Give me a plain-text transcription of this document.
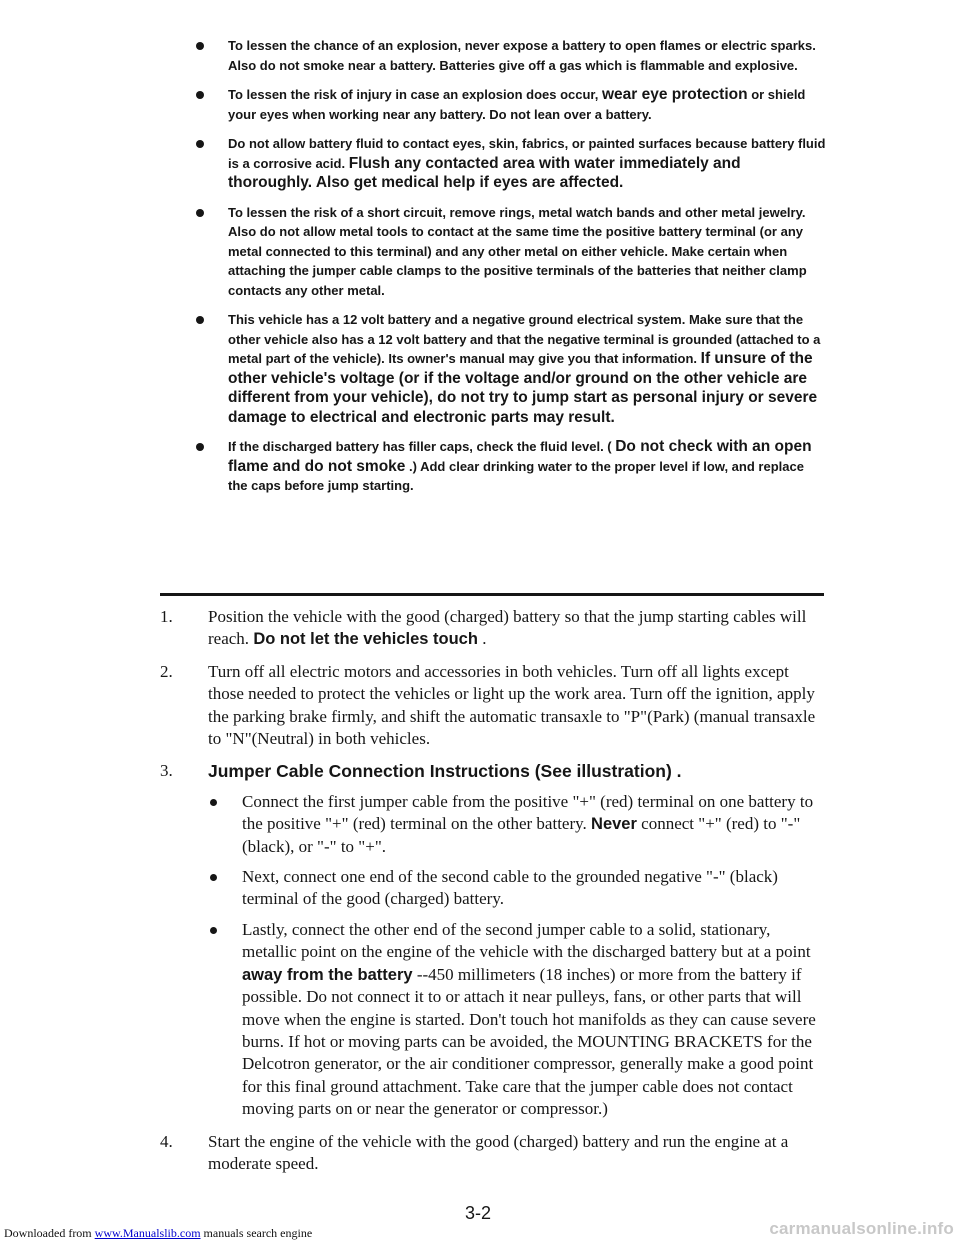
To lessen the chance of an explosion, never expose a battery to open flames or electric sparks. Also do not smoke near a battery. Batteries give off a gas which is flammable and explosive.
To lessen the risk of injury in case an explosion does occur, wear eye protection or shield your eyes when working near any battery. Do not lean over a battery.
Do not allow battery fluid to contact eyes, skin, fabrics, or painted surfaces because battery fluid is a corrosive acid. Flush any contacted area with water immediately and thoroughly. Also get medical help if eyes are affected.
To lessen the risk of a short circuit, remove rings, metal watch bands and other metal jewelry. Also do not allow metal tools to contact at the same time the positive battery terminal (or any metal connected to this terminal) and any other metal on either vehicle. Make certain when attaching the jumper cable clamps to the positive terminals of the batteries that neither clamp contacts any other metal.
This vehicle has a 12 volt battery and a negative ground electrical system. Make sure that the other vehicle also has a 12 volt battery and that the negative terminal is grounded (attached to a metal part of the vehicle). Its owner's manual may give you that information. If unsure of the other vehicle's voltage (or if the voltage and/or ground on the other vehicle are different from your vehicle), do not try to jump start as personal injury or severe damage to electrical and electronic parts may result.
If the discharged battery has filler caps, check the fluid level. ( Do not check with an open flame and do not smoke .) Add clear drinking water to the proper level if low, and replace the caps before jump starting.
1. Position the vehicle with the good (charged) battery so that the jump starting cables will reach. Do not let the vehicles touch .
2. Turn off all electric motors and accessories in both vehicles. Turn off all lights except those needed to protect the vehicles or light up the work area. Turn off the ignition, apply the parking brake firmly, and shift the automatic transaxle to "P"(Park) (manual transaxle to "N"(Neutral) in both vehicles.
3. Jumper Cable Connection Instructions (See illustration) .
Connect the first jumper cable from the positive "+" (red) terminal on one battery to the positive "+" (red) terminal on the other battery. Never connect "+" (red) to "-" (black), or "-" to "+".
Next, connect one end of the second cable to the grounded negative "-" (black) terminal of the good (charged) battery.
Lastly, connect the other end of the second jumper cable to a solid, stationary, metallic point on the engine of the vehicle with the discharged battery but at a point away from the battery --450 millimeters (18 inches) or more from the battery if possible. Do not connect it to or attach it near pulleys, fans, or other parts that will move when the engine is started. Don't touch hot manifolds as they can cause severe burns. If hot or moving parts can be avoided, the MOUNTING BRACKETS for the Delcotron generator, or the air conditioner compressor, generally make a good point for this final ground attachment. Take care that the jumper cable does not contact moving parts on or near the generator or compressor.)
4. Start the engine of the vehicle with the good (charged) battery and run the engine at a moderate speed.
3-2
Downloaded from www.Manualslib.com manuals search engine	carmanualsonline.info
